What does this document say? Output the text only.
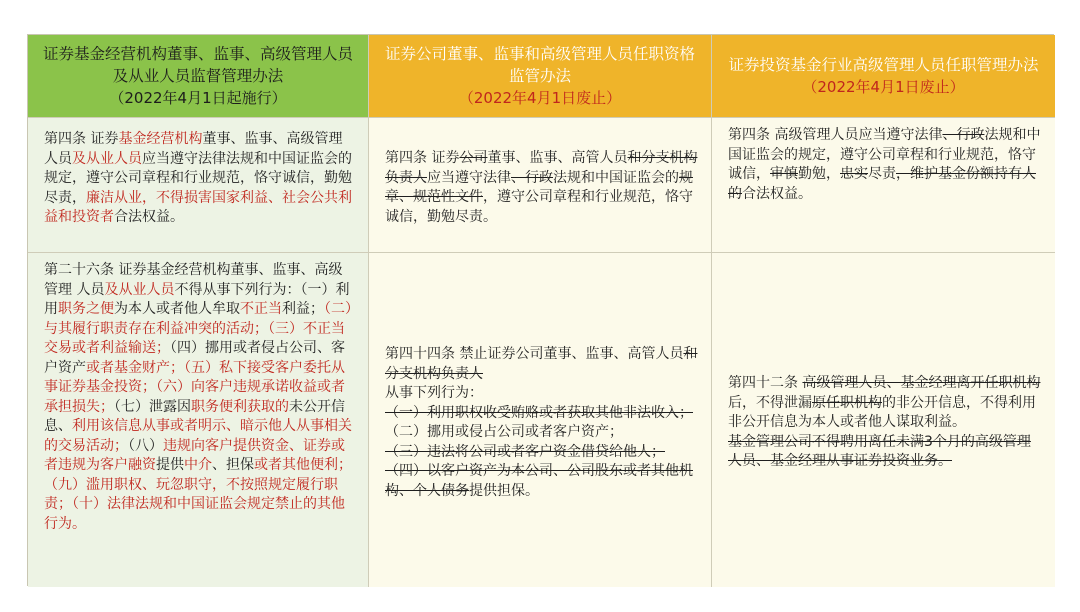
证券基金经营机构董事、监事、高级管理人员及从业人员监督管理办法
（2022年4月1日起施行）
证券公司董事、监事和高级管理人员任职资格监管办法
（2022年4月1日废止）
证券投资基金行业高级管理人员任职管理办法
（2022年4月1日废止）

第四条 证券基金经营机构董事、监事、高级管理人员及从业人员应当遵守法律法规和中国证监会的规定，遵守公司章程和行业规范，恪守诚信，勤勉尽责，廉洁从业，不得损害国家利益、社会公共利益和投资者合法权益。

第四条 证券公司董事、监事、高管人员和分支机构负责人应当遵守法律、行政法规和中国证监会的规章、规范性文件，遵守公司章程和行业规范，恪守诚信，勤勉尽责。

第四条 高级管理人员应当遵守法律、行政法规和中国证监会的规定，遵守公司章程和行业规范，恪守诚信，审慎勤勉，忠实尽责，维护基金份额持有人的合法权益。

第二十六条 证券基金经营机构董事、监事、高级管理 人员及从业人员不得从事下列行为：（一）利用职务之便为本人或者他人牟取不正当利益；（二）与其履行职责存在利益冲突的活动；（三）不正当交易或者利益输送；（四）挪用或者侵占公司、客户资产或者基金财产；（五）私下接受客户委托从事证券基金投资；（六）向客户违规承诺收益或者承担损失；（七）泄露因职务便利获取的未公开信息、利用该信息从事或者明示、暗示他人从事相关的交易活动；（八）违规向客户提供资金、证券或者违规为客户融资提供中介、担保或者其他便利；（九）滥用职权、玩忽职守，不按照规定履行职责；（十）法律法规和中国证监会规定禁止的其他行为。

第四十四条 禁止证券公司董事、监事、高管人员和分支机构负责人
从事下列行为：
（一）利用职权收受贿赂或者获取其他非法收入；
（二）挪用或侵占公司或者客户资产；
（三）违法将公司或者客户资金借贷给他人；
（四）以客户资产为本公司、公司股东或者其他机构、个人债务提供担保。

第四十二条 高级管理人员、基金经理离开任职机构后，不得泄漏原任职机构的非公开信息，不得利用非公开信息为本人或者他人谋取利益。
基金管理公司不得聘用离任未满3个月的高级管理人员、基金经理从事证券投资业务。
